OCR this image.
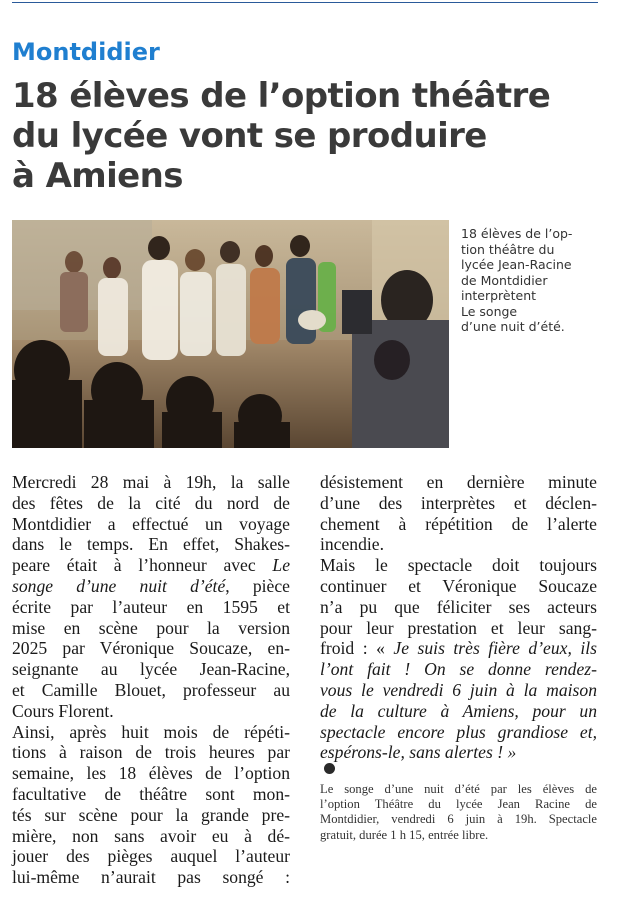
Montdidier
18 élèves de l’option théâtre
du lycée vont se produire
à Amiens
18 élèves de l’op-
tion théâtre du
lycée Jean-Racine
de Montdidier
interprètent
Le songe
d’une nuit d’été.
Mercredi 28 mai à 19h, la salle
des fêtes de la cité du nord de
Montdidier a effectué un voyage
dans le temps. En effet, Shakes-
peare était à l’honneur avec Le
songe d’une nuit d’été, pièce
écrite par l’auteur en 1595 et
mise en scène pour la version
2025 par Véronique Soucaze, en-
seignante au lycée Jean-Racine,
et Camille Blouet, professeur au
Cours Florent.
Ainsi, après huit mois de répéti-
tions à raison de trois heures par
semaine, les 18 élèves de l’option
facultative de théâtre sont mon-
tés sur scène pour la grande pre-
mière, non sans avoir eu à dé-
jouer des pièges auquel l’auteur
lui-même n’aurait pas songé :
désistement en dernière minute
d’une des interprètes et déclen-
chement à répétition de l’alerte
incendie.
Mais le spectacle doit toujours
continuer et Véronique Soucaze
n’a pu que féliciter ses acteurs
pour leur prestation et leur sang-
froid : « Je suis très fière d’eux, ils
l’ont fait ! On se donne rendez-
vous le vendredi 6 juin à la maison
de la culture à Amiens, pour un
spectacle encore plus grandiose et,
espérons-le, sans alertes ! »
Le songe d’une nuit d’été par les élèves de
l’option Théâtre du lycée Jean Racine de
Montdidier, vendredi 6 juin à 19h. Spectacle
gratuit, durée 1 h 15, entrée libre.
